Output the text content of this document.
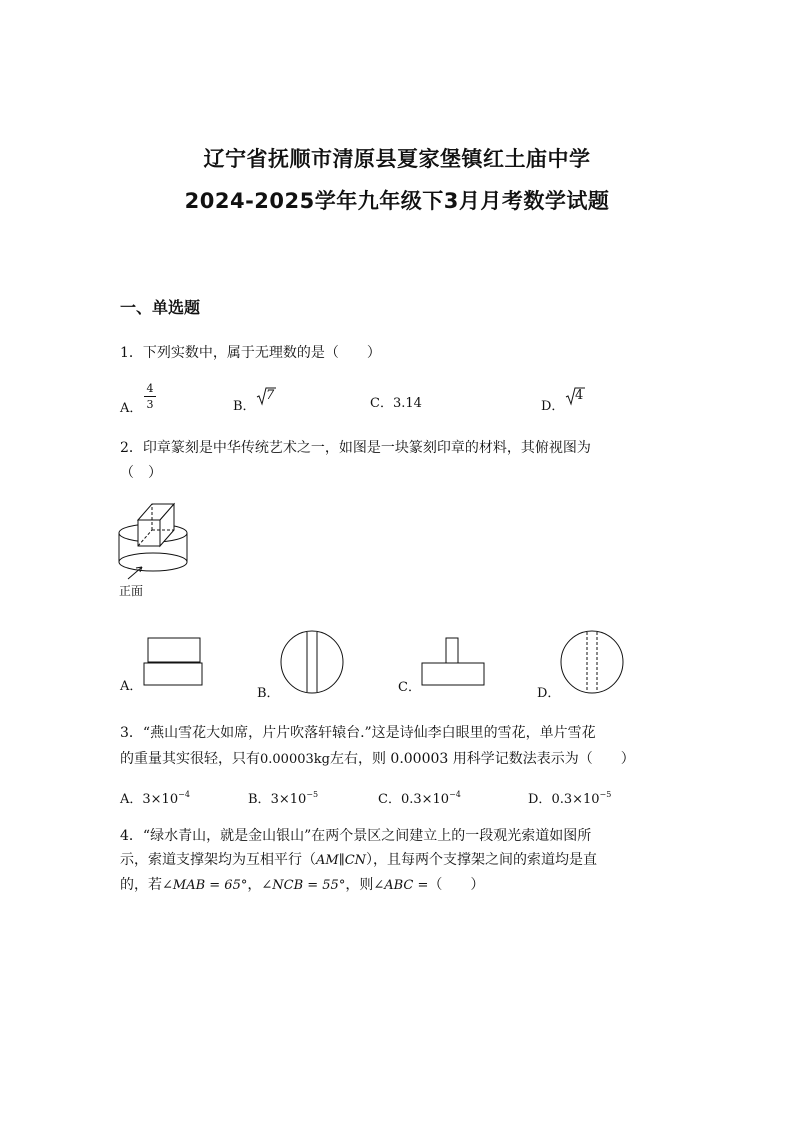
辽宁省抚顺市清原县夏家堡镇红土庙中学
2024-2025学年九年级下3月月考数学试题
一、单选题
1．下列实数中，属于无理数的是（　　）
A．
4
3	B．
7
C．3.14	D．
4
2．印章篆刻是中华传统艺术之一，如图是一块篆刻印章的材料，其俯视图为
（　）
正面
A．	B．	C．	D．
3．“燕山雪花大如席，片片吹落轩辕台.”这是诗仙李白眼里的雪花，单片雪花
的重量其实很轻，只有0.00003kg左右，则 0.00003 用科学记数法表示为（　　）
A．$3\times 10^{-4}$	B．$3\times 10^{-5}$	C．$0.3\times 10^{-4}$	D．$0.3\times 10^{-5}$
4．“绿水青山，就是金山银山”在两个景区之间建立上的一段观光索道如图所
示，索道支撑架均为互相平行（AM∥CN），且每两个支撑架之间的索道均是直
的，若∠MAB = 65°，∠NCB = 55°，则∠ABC =（　　）
